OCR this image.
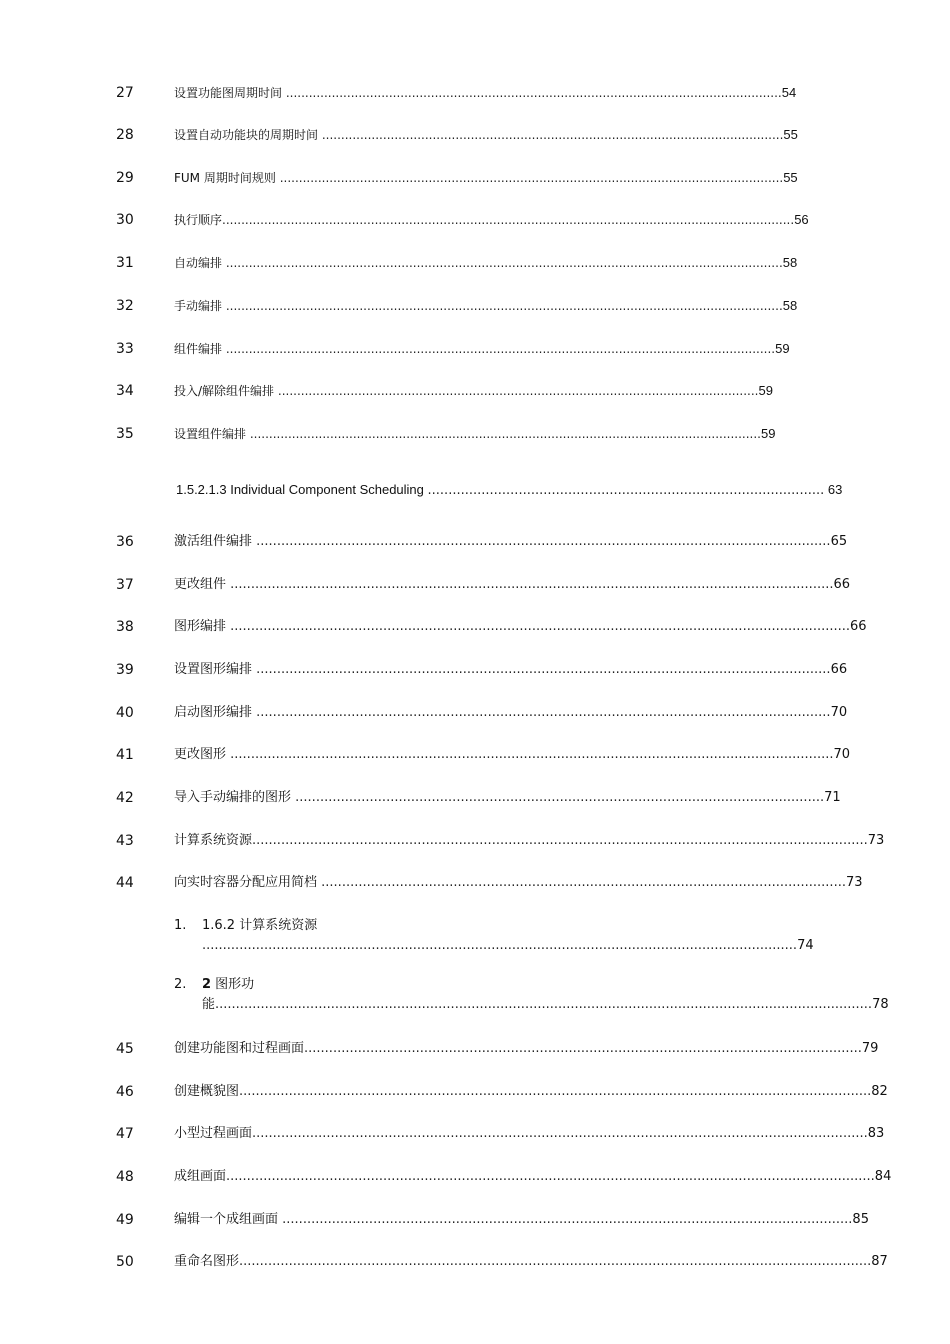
27	设置功能图周期时间 ..................................................................................................................................54
28	设置自动功能块的周期时间 .........................................................................................................................55
29	FUM 周期时间规则 ....................................................................................................................................55
30	执行顺序......................................................................................................................................................56
31	自动编排 ..................................................................................................................................................58
32	手动编排 ..................................................................................................................................................58
33	组件编排 ................................................................................................................................................59
34	投入/解除组件编排 ..............................................................................................................................59
35	设置组件编排 ......................................................................................................................................59
1.5.2.1.3 Individual Component Scheduling ................................................................................................ 63
36	激活组件编排 ...........................................................................................................................................65
37	更改组件 ..................................................................................................................................................66
38	图形编排 ......................................................................................................................................................66
39	设置图形编排 ...........................................................................................................................................66
40	启动图形编排 ...........................................................................................................................................70
41	更改图形 ..................................................................................................................................................70
42	导入手动编排的图形 ................................................................................................................................71
43	计算系统资源.....................................................................................................................................................73
44	向实时容器分配应用简档 ...............................................................................................................................73
1. 1.6.2 计算系统资源
................................................................................................................................................74
2. 2 图形功
能...............................................................................................................................................................78
45	创建功能图和过程画面.......................................................................................................................................79
46	创建概貌图.........................................................................................................................................................82
47	小型过程画面.....................................................................................................................................................83
48	成组画面.............................................................................................................................................................84
49	编辑一个成组画面 ..........................................................................................................................................85
50	重命名图形.........................................................................................................................................................87
